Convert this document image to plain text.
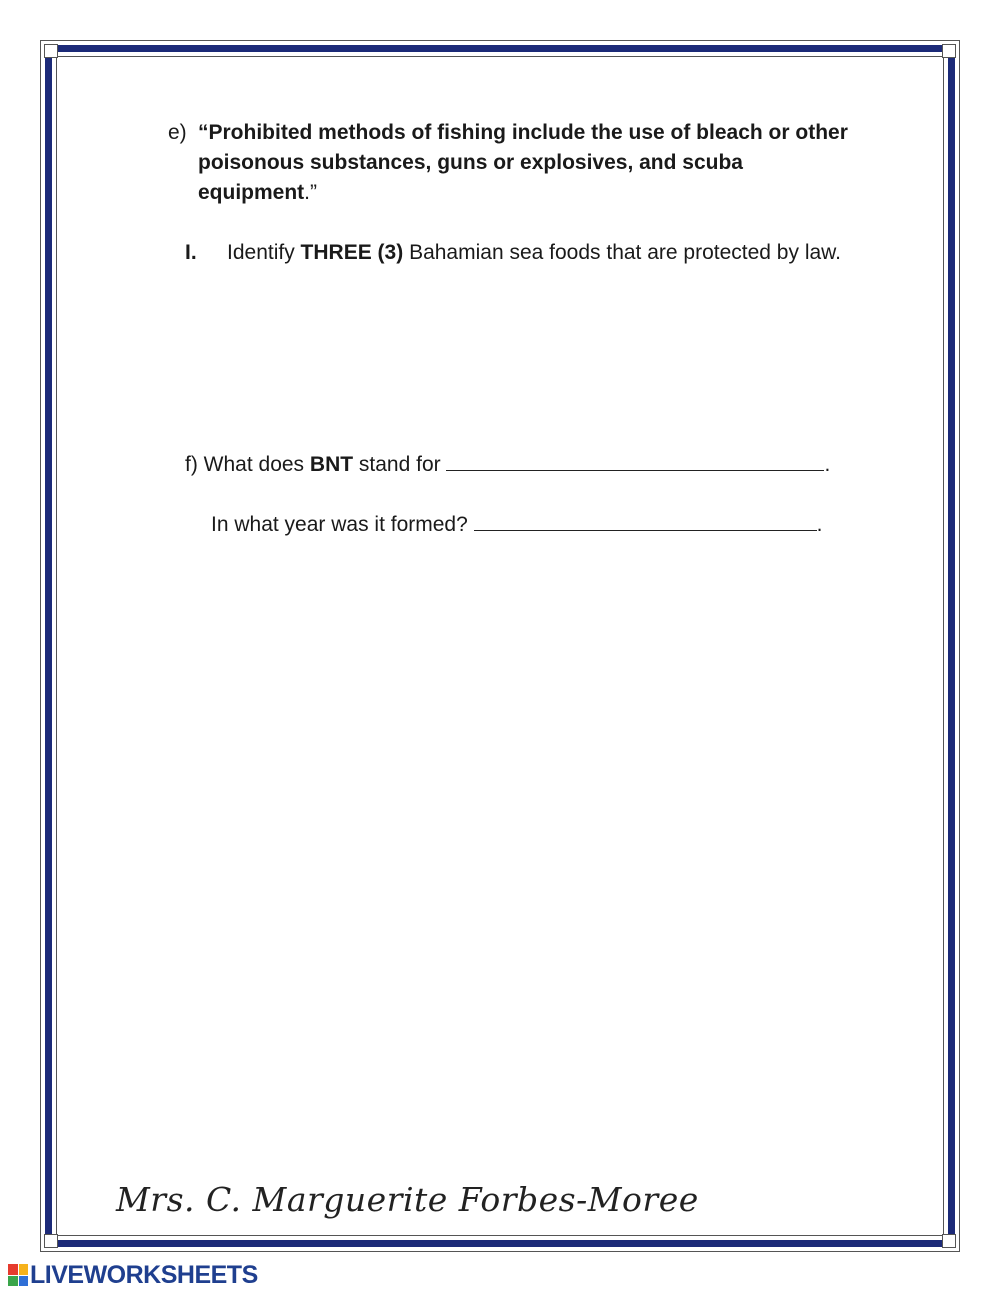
e) “Prohibited methods of fishing include the use of bleach or other poisonous substances, guns or explosives, and scuba equipment.”
I. Identify THREE (3) Bahamian sea foods that are protected by law.
f) What does BNT stand for	.
In what year was it formed?	.
Mrs. C. Marguerite Forbes-Moree
LIVEWORKSHEETS
